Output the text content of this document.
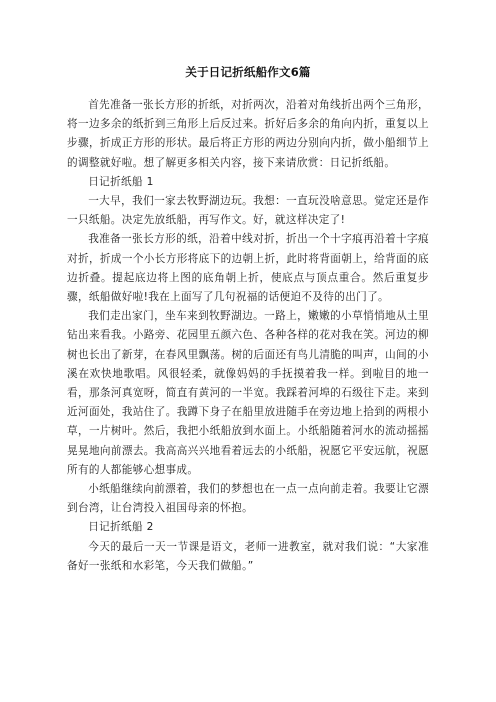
关于日记折纸船作文6篇

首先准备一张长方形的折纸，对折两次，沿着对角线折出两个三角形，将一边多余的纸折到三角形上后反过来。折好后多余的角向内折，重复以上步骤，折成正方形的形状。最后将正方形的两边分别向内折，做小船细节上的调整就好啦。想了解更多相关内容，接下来请欣赏：日记折纸船。

日记折纸船 1

一大早，我们一家去牧野湖边玩。我想：一直玩没啥意思。觉定还是作一只纸船。决定先放纸船，再写作文。好，就这样决定了!

我准备一张长方形的纸，沿着中线对折，折出一个十字痕再沿着十字痕对折，折成一个小长方形将底下的边朝上折，此时将背面朝上，给背面的底边折叠。提起底边将上图的底角朝上折，使底点与顶点重合。然后重复步骤，纸船做好啦!我在上面写了几句祝福的话便迫不及待的出门了。

我们走出家门，坐车来到牧野湖边。一路上，嫩嫩的小草悄悄地从土里钻出来看我。小路旁、花园里五颜六色、各种各样的花对我在笑。河边的柳树也长出了新芽，在春风里飘荡。树的后面还有鸟儿清脆的叫声，山间的小溪在欢快地歌唱。风很轻柔，就像妈妈的手抚摸着我一样。到啦目的地一看，那条河真宽呀，简直有黄河的一半宽。我踩着河埠的石级往下走。来到近河面处，我站住了。我蹲下身子在船里放进随手在旁边地上拾到的两根小草，一片树叶。然后，我把小纸船放到水面上。小纸船随着河水的流动摇摇晃晃地向前漂去。我高高兴兴地看着远去的小纸船，祝愿它平安远航，祝愿所有的人都能够心想事成。

小纸船继续向前漂着，我们的梦想也在一点一点向前走着。我要让它漂到台湾，让台湾投入祖国母亲的怀抱。

日记折纸船 2

今天的最后一天一节课是语文，老师一进教室，就对我们说：“大家准备好一张纸和水彩笔，今天我们做船。”
